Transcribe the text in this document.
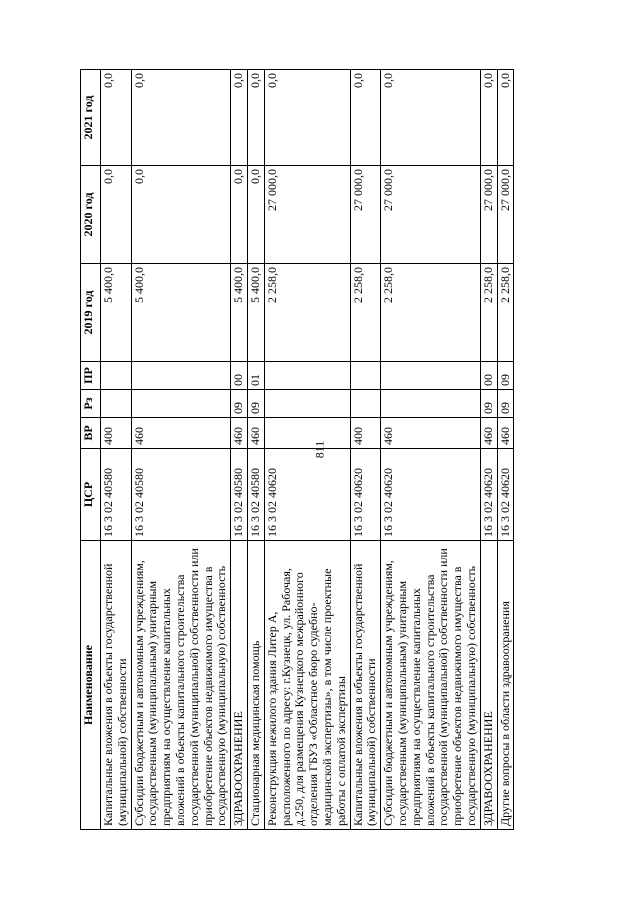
811
Наименование	ЦСР	ВР	Рз	ПР	2019 год	2020 год	2021 год
Капитальные вложения в объекты государственной (муниципальной) собственности	16 3 02 40580	400			5 400,0	0,0	0,0
Субсидии бюджетным и автономным учреждениям, государственным (муниципальным) унитарным предприятиям на осуществление капитальных вложений в объекты капитального строительства государственной (муниципальной) собственности или приобретение объектов недвижимого имущества в государственную (муниципальную) собственность	16 3 02 40580	460			5 400,0	0,0	0,0
ЗДРАВООХРАНЕНИЕ	16 3 02 40580	460	09	00	5 400,0	0,0	0,0
Стационарная медицинская помощь	16 3 02 40580	460	09	01	5 400,0	0,0	0,0
Реконструкция нежилого здания Литер А, расположенного по адресу: г.Кузнецк, ул. Рабочая, д.250, для размещения Кузнецкого межрайонного отделения ГБУЗ «Областное бюро судебно-медицинской экспертизы», в том числе проектные работы с оплатой экспертизы	16 3 02 40620				2 258,0	27 000,0	0,0
Капитальные вложения в объекты государственной (муниципальной) собственности	16 3 02 40620	400			2 258,0	27 000,0	0,0
Субсидии бюджетным и автономным учреждениям, государственным (муниципальным) унитарным предприятиям на осуществление капитальных вложений в объекты капитального строительства государственной (муниципальной) собственности или приобретение объектов недвижимого имущества в государственную (муниципальную) собственность	16 3 02 40620	460			2 258,0	27 000,0	0,0
ЗДРАВООХРАНЕНИЕ	16 3 02 40620	460	09	00	2 258,0	27 000,0	0,0
Другие вопросы в области здравоохранения	16 3 02 40620	460	09	09	2 258,0	27 000,0	0,0
